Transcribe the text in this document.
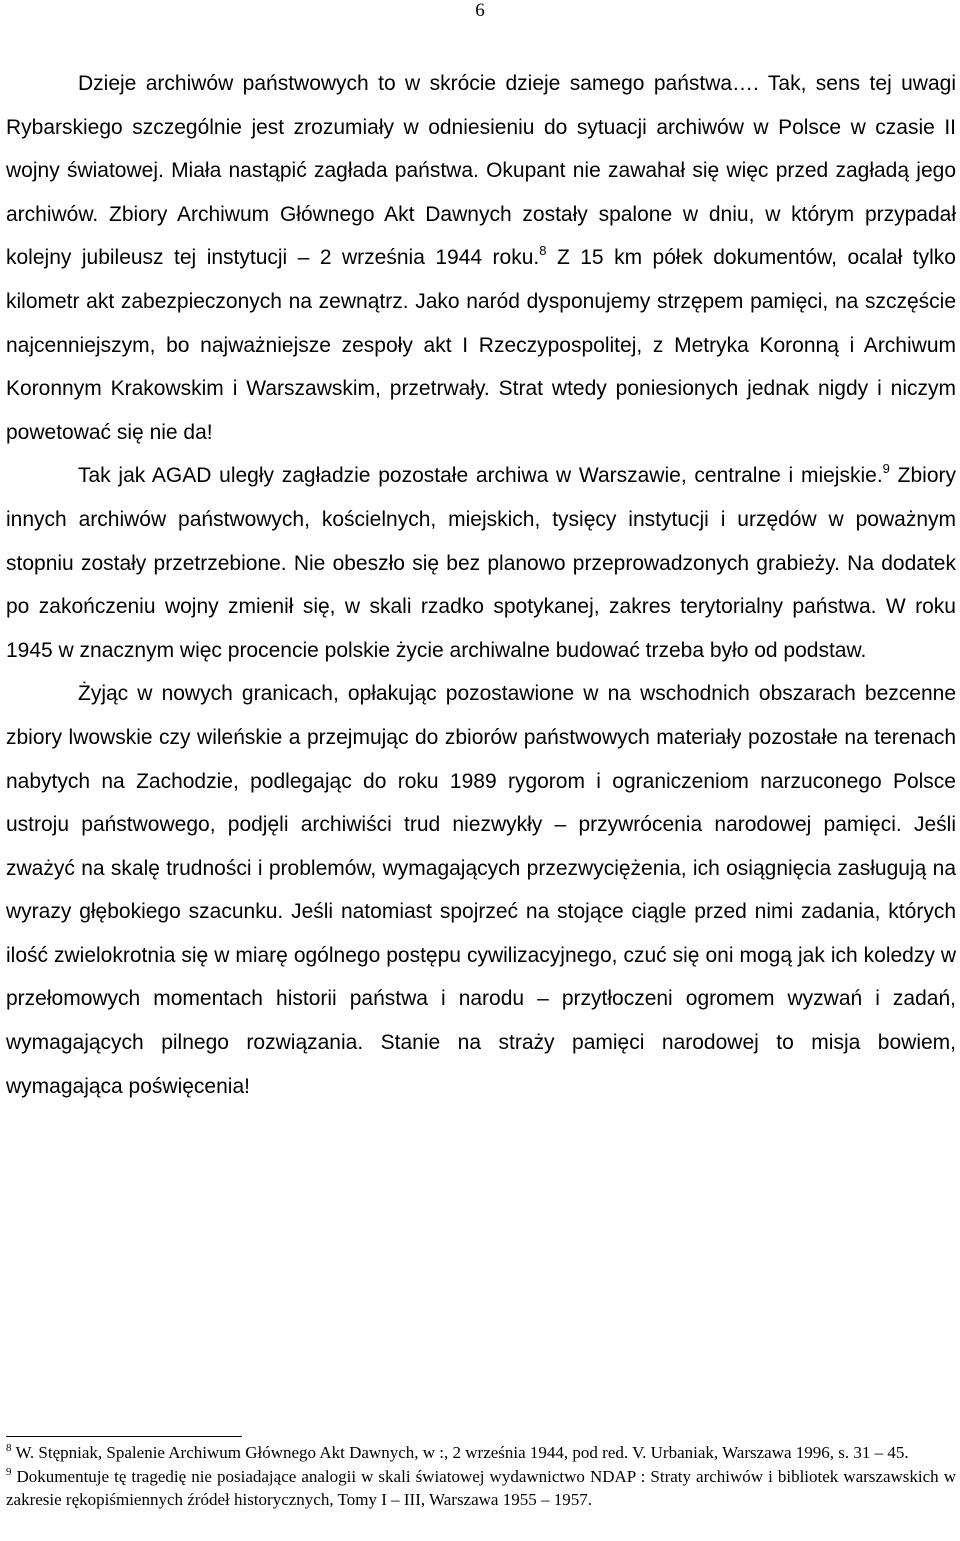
6

Dzieje archiwów państwowych to w skrócie dzieje samego państwa…. Tak, sens tej uwagi Rybarskiego szczególnie jest zrozumiały w odniesieniu do sytuacji archiwów w Polsce w czasie II wojny światowej. Miała nastąpić zagłada państwa. Okupant nie zawahał się więc przed zagładą jego archiwów. Zbiory Archiwum Głównego Akt Dawnych zostały spalone w dniu, w którym przypadał kolejny jubileusz tej instytucji – 2 września 1944 roku.$^8$ Z 15 km półek dokumentów, ocalał tylko kilometr akt zabezpieczonych na zewnątrz. Jako naród dysponujemy strzępem pamięci, na szczęście najcenniejszym, bo najważniejsze zespoły akt I Rzeczypospolitej, z Metryka Koronną i Archiwum Koronnym Krakowskim i Warszawskim, przetrwały. Strat wtedy poniesionych jednak nigdy i niczym powetować się nie da!

Tak jak AGAD uległy zagładzie pozostałe archiwa w Warszawie, centralne i miejskie.$^9$ Zbiory innych archiwów państwowych, kościelnych, miejskich, tysięcy instytucji i urzędów w poważnym stopniu zostały przetrzebione. Nie obeszło się bez planowo przeprowadzonych grabieży. Na dodatek po zakończeniu wojny zmienił się, w skali rzadko spotykanej, zakres terytorialny państwa. W roku 1945 w znacznym więc procencie polskie życie archiwalne budować trzeba było od podstaw.

Żyjąc w nowych granicach, opłakując pozostawione w na wschodnich obszarach bezcenne zbiory lwowskie czy wileńskie a przejmując do zbiorów państwowych materiały pozostałe na terenach nabytych na Zachodzie, podlegając do roku 1989 rygorom i ograniczeniom narzuconego Polsce ustroju państwowego, podjęli archiwiści trud niezwykły – przywrócenia narodowej pamięci. Jeśli zważyć na skalę trudności i problemów, wymagających przezwyciężenia, ich osiągnięcia zasługują na wyrazy głębokiego szacunku. Jeśli natomiast spojrzeć na stojące ciągle przed nimi zadania, których ilość zwielokrotnia się w miarę ogólnego postępu cywilizacyjnego, czuć się oni mogą jak ich koledzy w przełomowych momentach historii państwa i narodu – przytłoczeni ogromem wyzwań i zadań, wymagających pilnego rozwiązania. Stanie na straży pamięci narodowej to misja bowiem, wymagająca poświęcenia!

$^8$ W. Stępniak, Spalenie Archiwum Głównego Akt Dawnych, w :, 2 września 1944, pod red. V. Urbaniak, Warszawa 1996, s. 31 – 45.

$^9$ Dokumentuje tę tragedię nie posiadające analogii w skali światowej wydawnictwo NDAP : Straty archiwów i bibliotek warszawskich w zakresie rękopiśmiennych źródeł historycznych, Tomy I – III, Warszawa 1955 – 1957.
